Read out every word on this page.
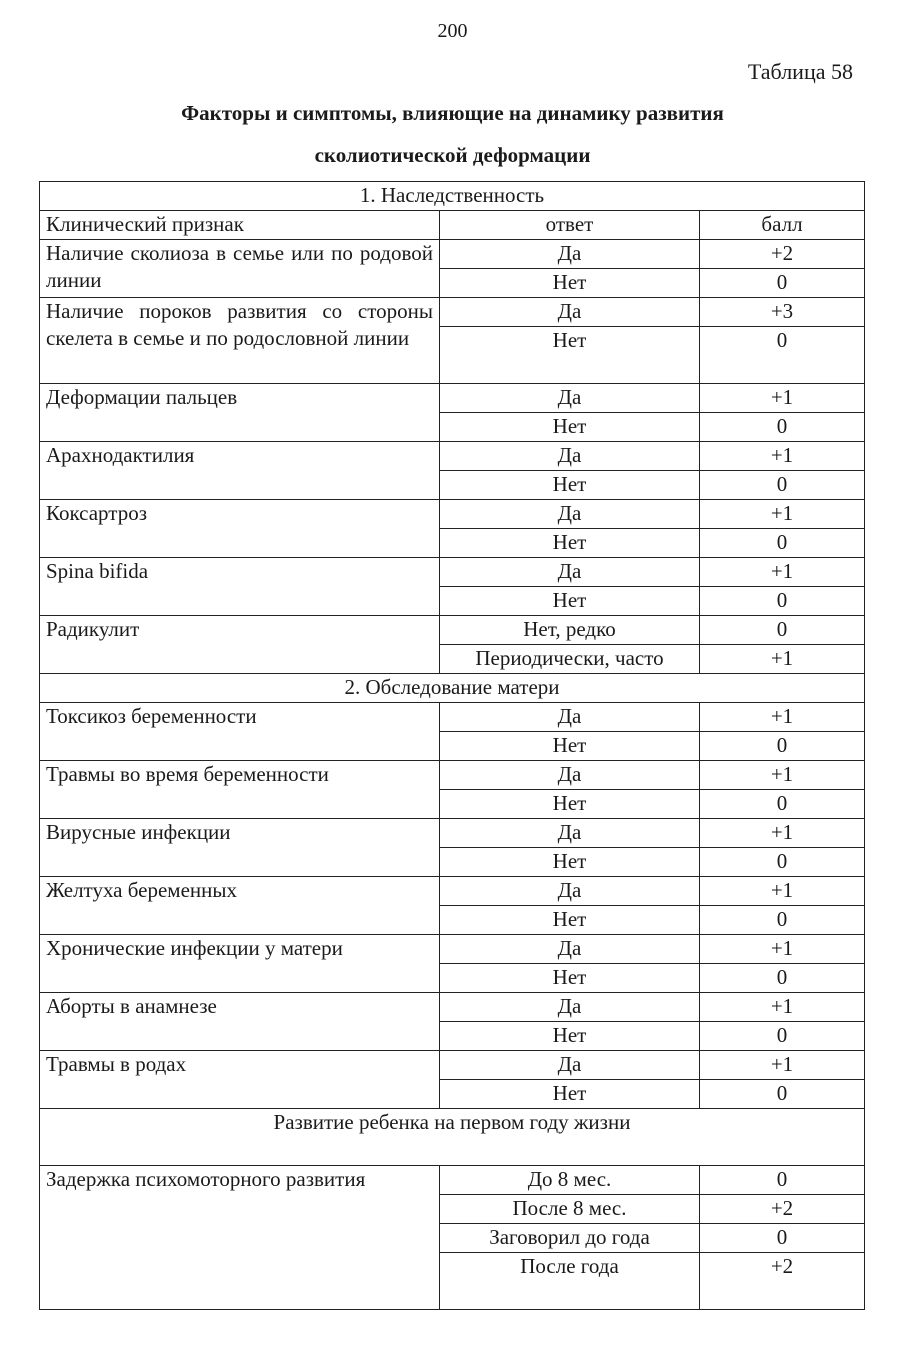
200
Таблица 58
Факторы и симптомы, влияющие на динамику развития
сколиотической деформации
1. Наследственность		
Клинический признак	ответ	балл
Наличие сколиоза в семье или по родовой линии	Да	+2
	Нет	0
Наличие пороков развития со стороны скелета в семье и по родословной линии	Да	+3
	Нет	0
Деформации пальцев	Да	+1
	Нет	0
Арахнодактилия	Да	+1
	Нет	0
Коксартроз	Да	+1
	Нет	0
Spina bifida	Да	+1
	Нет	0
Радикулит	Нет, редко	0
	Периодически, часто	+1
2. Обследование матери		
Токсикоз беременности	Да	+1
	Нет	0
Травмы во время беременности	Да	+1
	Нет	0
Вирусные инфекции	Да	+1
	Нет	0
Желтуха беременных	Да	+1
	Нет	0
Хронические инфекции у матери	Да	+1
	Нет	0
Аборты в анамнезе	Да	+1
	Нет	0
Травмы в родах	Да	+1
	Нет	0
Развитие ребенка на первом году жизни		
Задержка психомоторного развития	До 8 мес.	0
	После 8 мес.	+2
	Заговорил до года	0
	После года	+2
